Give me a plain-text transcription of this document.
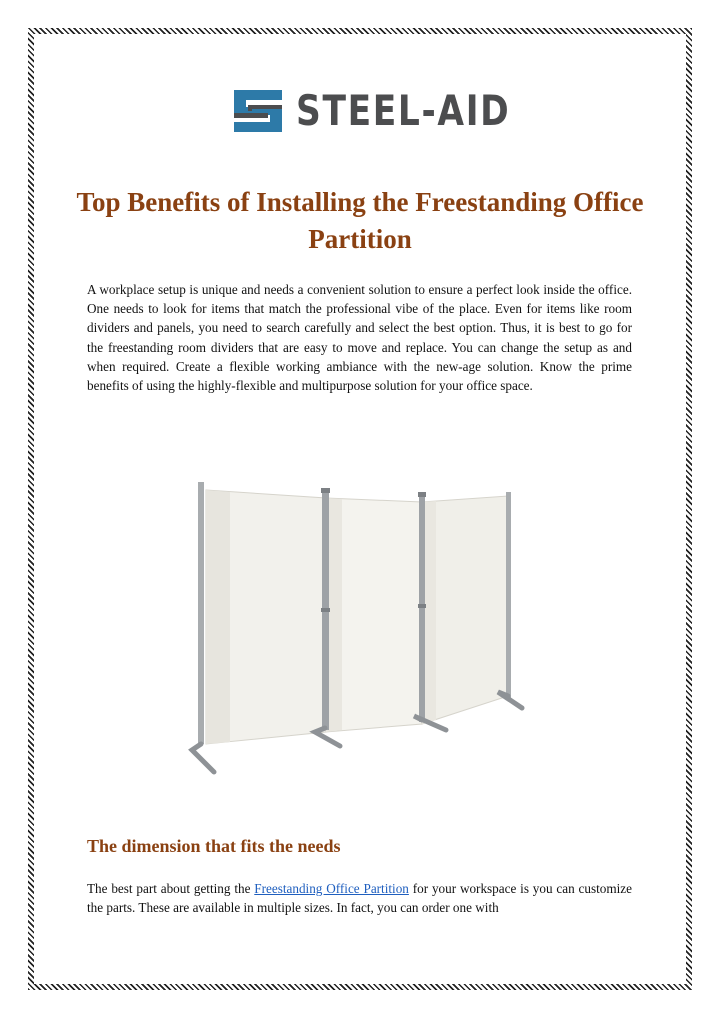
STEEL-AID
Top Benefits of Installing the Freestanding Office Partition
A workplace setup is unique and needs a convenient solution to ensure a perfect look inside the office. One needs to look for items that match the professional vibe of the place. Even for items like room dividers and panels, you need to search carefully and select the best option. Thus, it is best to go for the freestanding room dividers that are easy to move and replace. You can change the setup as and when required. Create a flexible working ambiance with the new-age solution. Know the prime benefits of using the highly-flexible and multipurpose solution for your office space.
The dimension that fits the needs
The best part about getting the Freestanding Office Partition for your workspace is you can customize the parts. These are available in multiple sizes. In fact, you can order one with
